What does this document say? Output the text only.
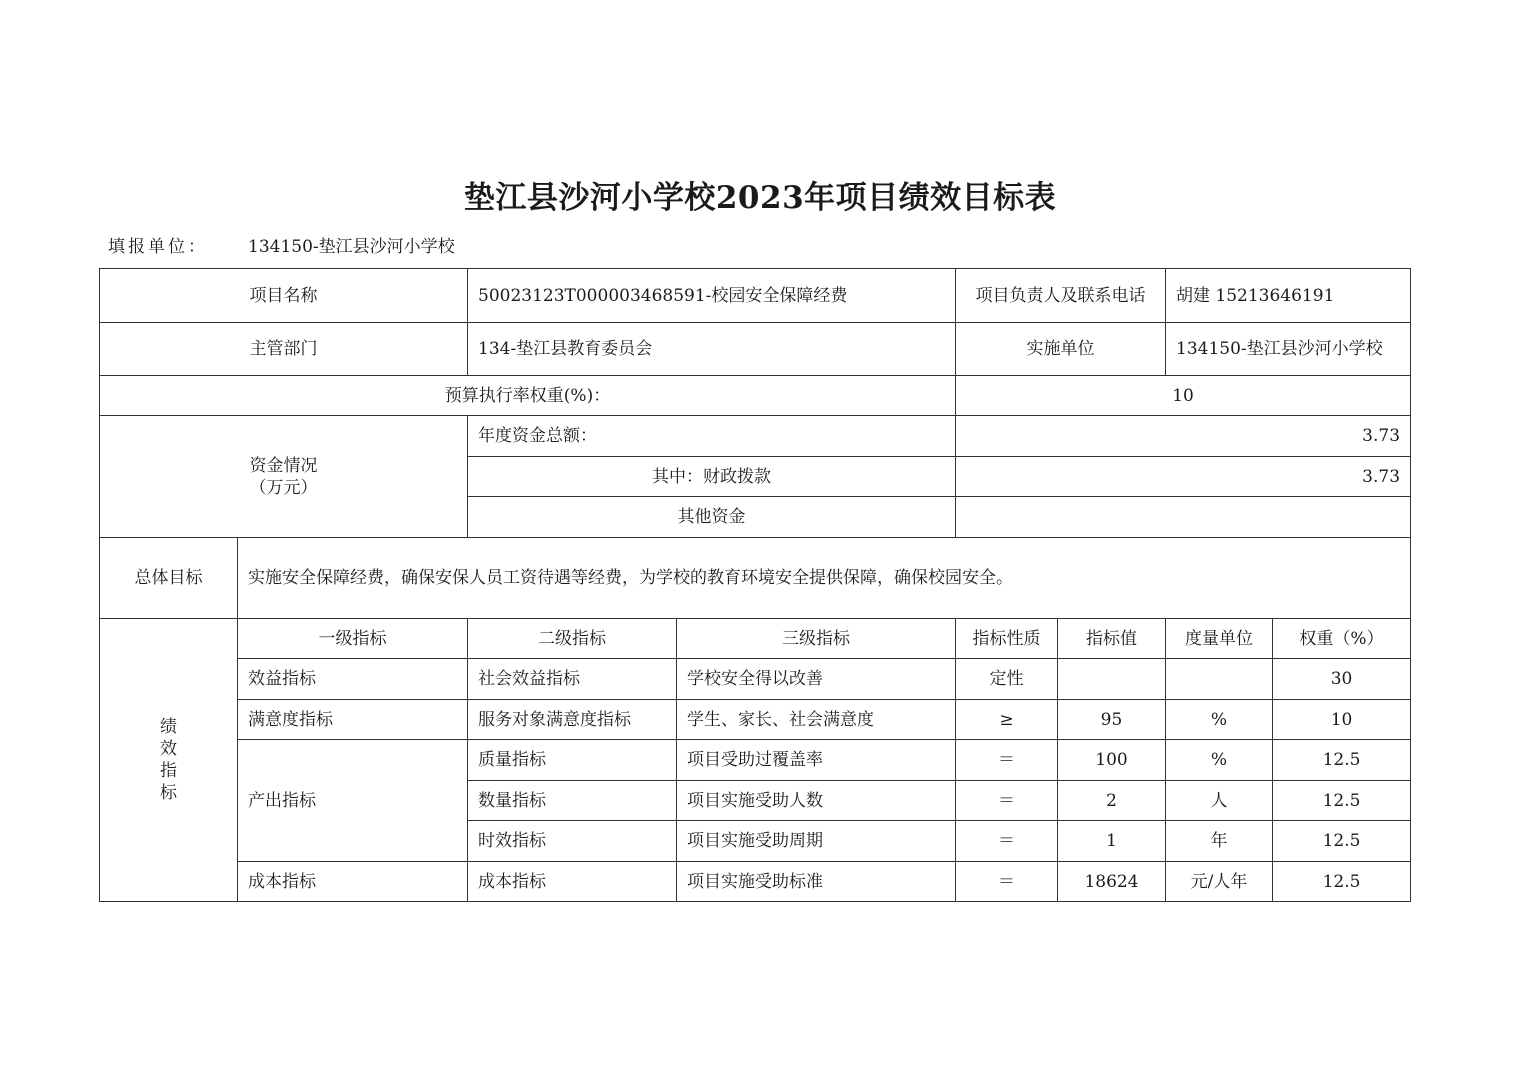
垫江县沙河小学校2023年项目绩效目标表
填报单位： 134150-垫江县沙河小学校
项目名称		50023123T000003468591-校园安全保障经费		项目负责人及联系电话		胡建 15213646191	
主管部门		134-垫江县教育委员会		实施单位		134150-垫江县沙河小学校	
预算执行率权重(%)：				10			

资金情况
（万元）		年度资金总额：		3.73			
		其中：财政拨款		3.73			
		其他资金					
总体目标	实施安全保障经费，确保安保人员工资待遇等经费，为学校的教育环境安全提供保障，确保校园安全。						

绩
效
指
标	一级指标	二级指标	三级指标	指标性质	指标值	度量单位	权重（%）
	效益指标	社会效益指标	学校安全得以改善	定性			30
	满意度指标	服务对象满意度指标	学生、家长、社会满意度	≥	95	%	10
	产出指标	质量指标	项目受助过覆盖率	＝	100	%	12.5
		数量指标	项目实施受助人数	＝	2	人	12.5
		时效指标	项目实施受助周期	＝	1	年	12.5
	成本指标	成本指标	项目实施受助标准	＝	18624	元/人年	12.5
